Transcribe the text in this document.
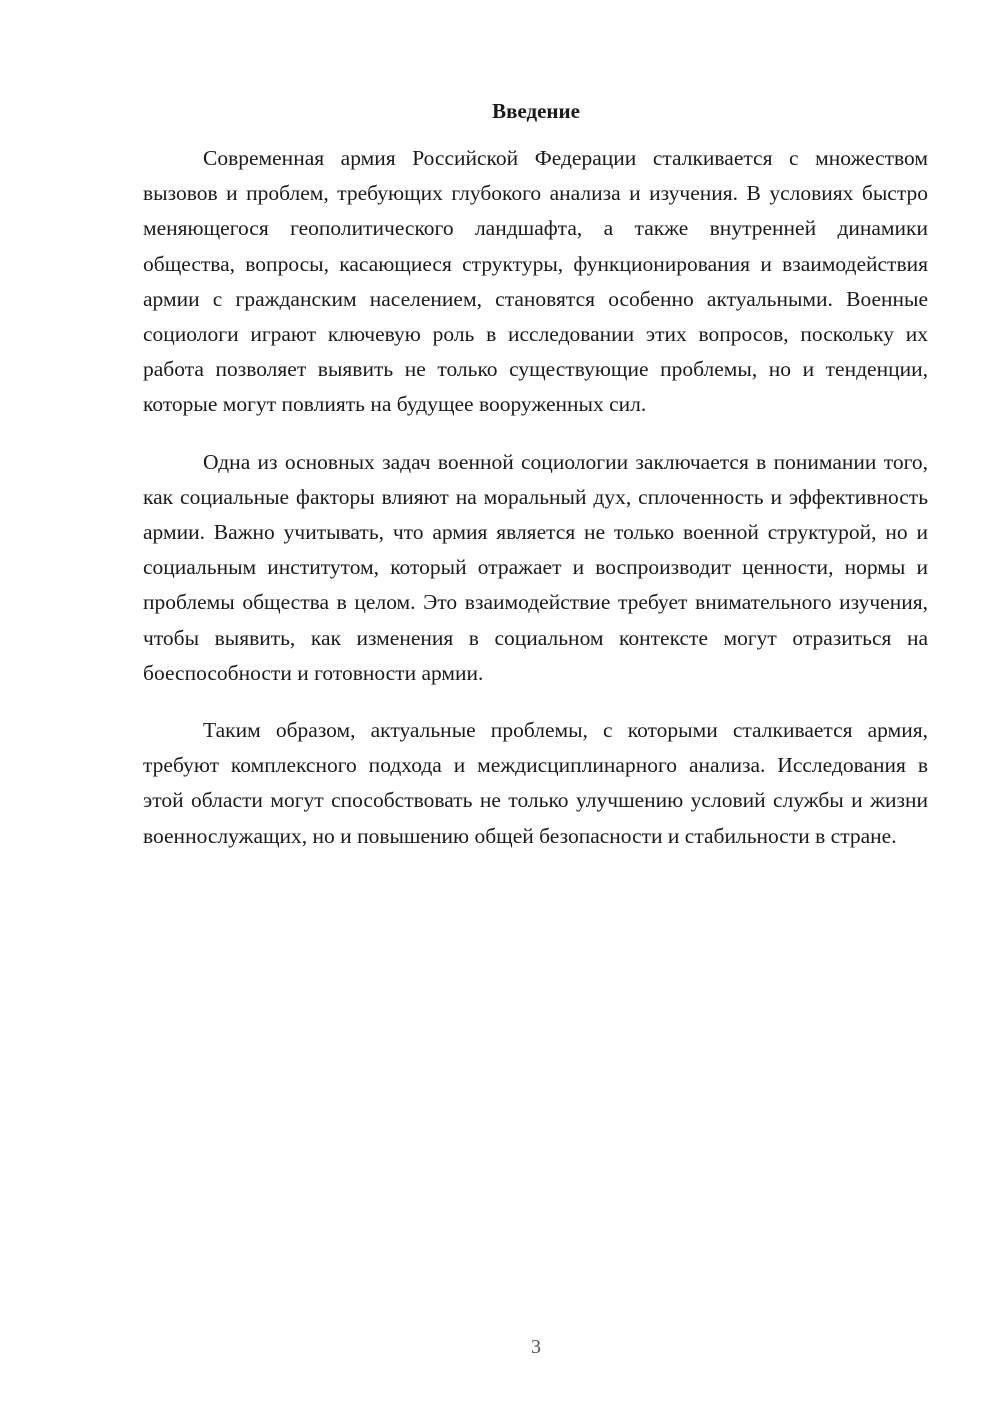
Введение

Современная армия Российской Федерации сталкивается с множеством вызовов и проблем, требующих глубокого анализа и изучения. В условиях быстро меняющегося геополитического ландшафта, а также внутренней динамики общества, вопросы, касающиеся структуры, функционирования и взаимодействия армии с гражданским населением, становятся особенно актуальными. Военные социологи играют ключевую роль в исследовании этих вопросов, поскольку их работа позволяет выявить не только существующие проблемы, но и тенденции, которые могут повлиять на будущее вооруженных сил.

Одна из основных задач военной социологии заключается в понимании того, как социальные факторы влияют на моральный дух, сплоченность и эффективность армии. Важно учитывать, что армия является не только военной структурой, но и социальным институтом, который отражает и воспроизводит ценности, нормы и проблемы общества в целом. Это взаимодействие требует внимательного изучения, чтобы выявить, как изменения в социальном контексте могут отразиться на боеспособности и готовности армии.

Таким образом, актуальные проблемы, с которыми сталкивается армия, требуют комплексного подхода и междисциплинарного анализа. Исследования в этой области могут способствовать не только улучшению условий службы и жизни военнослужащих, но и повышению общей безопасности и стабильности в стране.

3
